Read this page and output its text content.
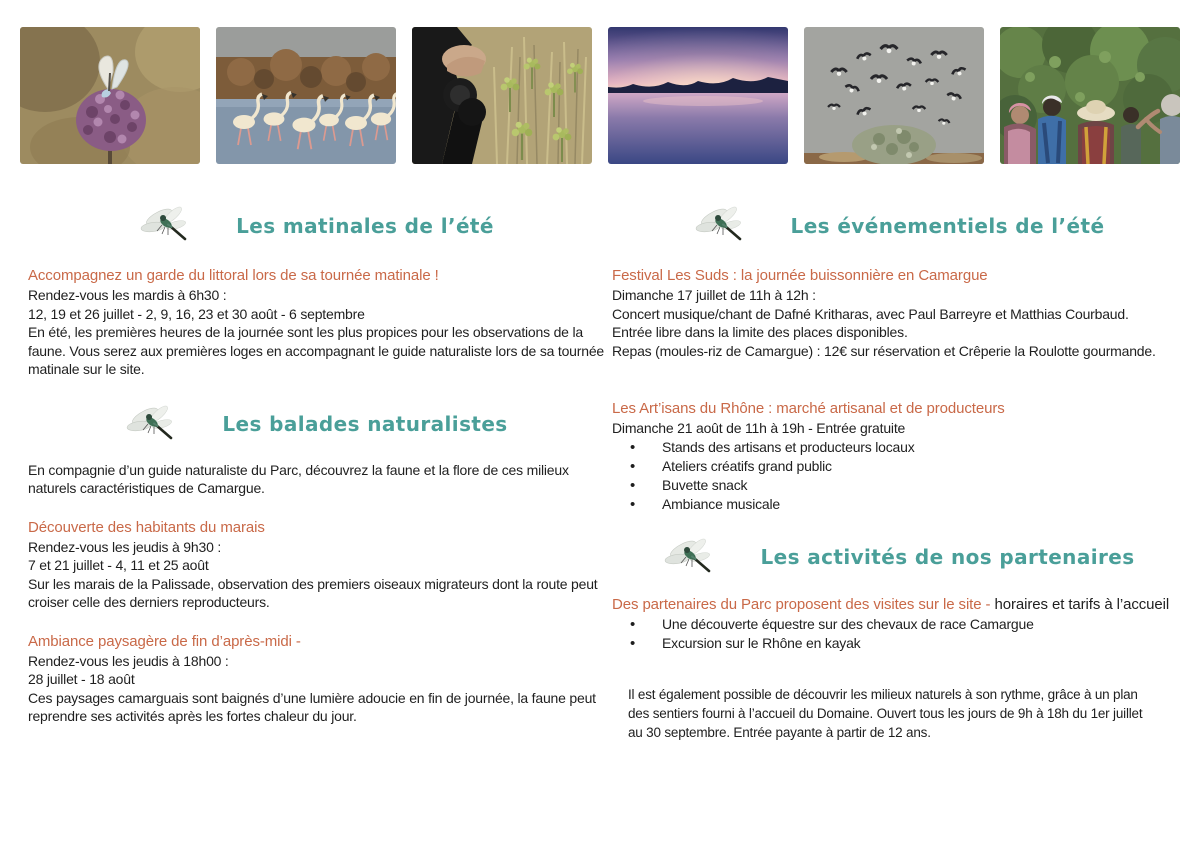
Les matinales de l’été
Accompagnez un garde du littoral lors de sa tournée matinale !
Rendez-vous les mardis à 6h30 :
12, 19 et 26 juillet - 2, 9, 16, 23 et 30 août - 6 septembre
En été, les premières heures de la journée sont les plus propices pour les observations de la faune. Vous serez aux premières loges en accompagnant le guide naturaliste lors de sa tournée matinale sur le site.
Les balades naturalistes
En compagnie d’un guide naturaliste du Parc, découvrez la faune et la flore de ces milieux naturels caractéristiques de Camargue.
Découverte des habitants du marais
Rendez-vous les jeudis à 9h30 :
7 et 21 juillet - 4, 11 et 25 août
Sur les marais de la Palissade, observation des premiers oiseaux migrateurs dont la route peut croiser celle des derniers reproducteurs.
Ambiance paysagère de fin d’après-midi -
Rendez-vous les jeudis à 18h00 :
28 juillet - 18 août
Ces paysages camarguais sont baignés d’une lumière adoucie en fin de journée, la faune peut reprendre ses activités après les fortes chaleur du jour.
Les événementiels de l’été
Festival Les Suds : la journée buissonnière en Camargue
Dimanche 17 juillet de 11h à 12h :
Concert musique/chant de Dafné Kritharas, avec Paul Barreyre et Matthias Courbaud.
Entrée libre dans la limite des places disponibles.
Repas (moules-riz de Camargue) : 12€ sur réservation et Crêperie la Roulotte gourmande.
Les Art’isans du Rhône : marché artisanal et de producteurs
Dimanche 21 août de 11h à 19h - Entrée gratuite
• Stands des artisans et producteurs locaux
• Ateliers créatifs grand public
• Buvette snack
• Ambiance musicale
Les activités de nos partenaires
Des partenaires du Parc proposent des visites sur le site - horaires et tarifs à l’accueil
• Une découverte équestre sur des chevaux de race Camargue
• Excursion sur le Rhône en kayak
Il est également possible de découvrir les milieux naturels à son rythme, grâce à un plan des sentiers fourni à l’accueil du Domaine. Ouvert tous les jours de 9h à 18h du 1er juillet au 30 septembre. Entrée payante à partir de 12 ans.
